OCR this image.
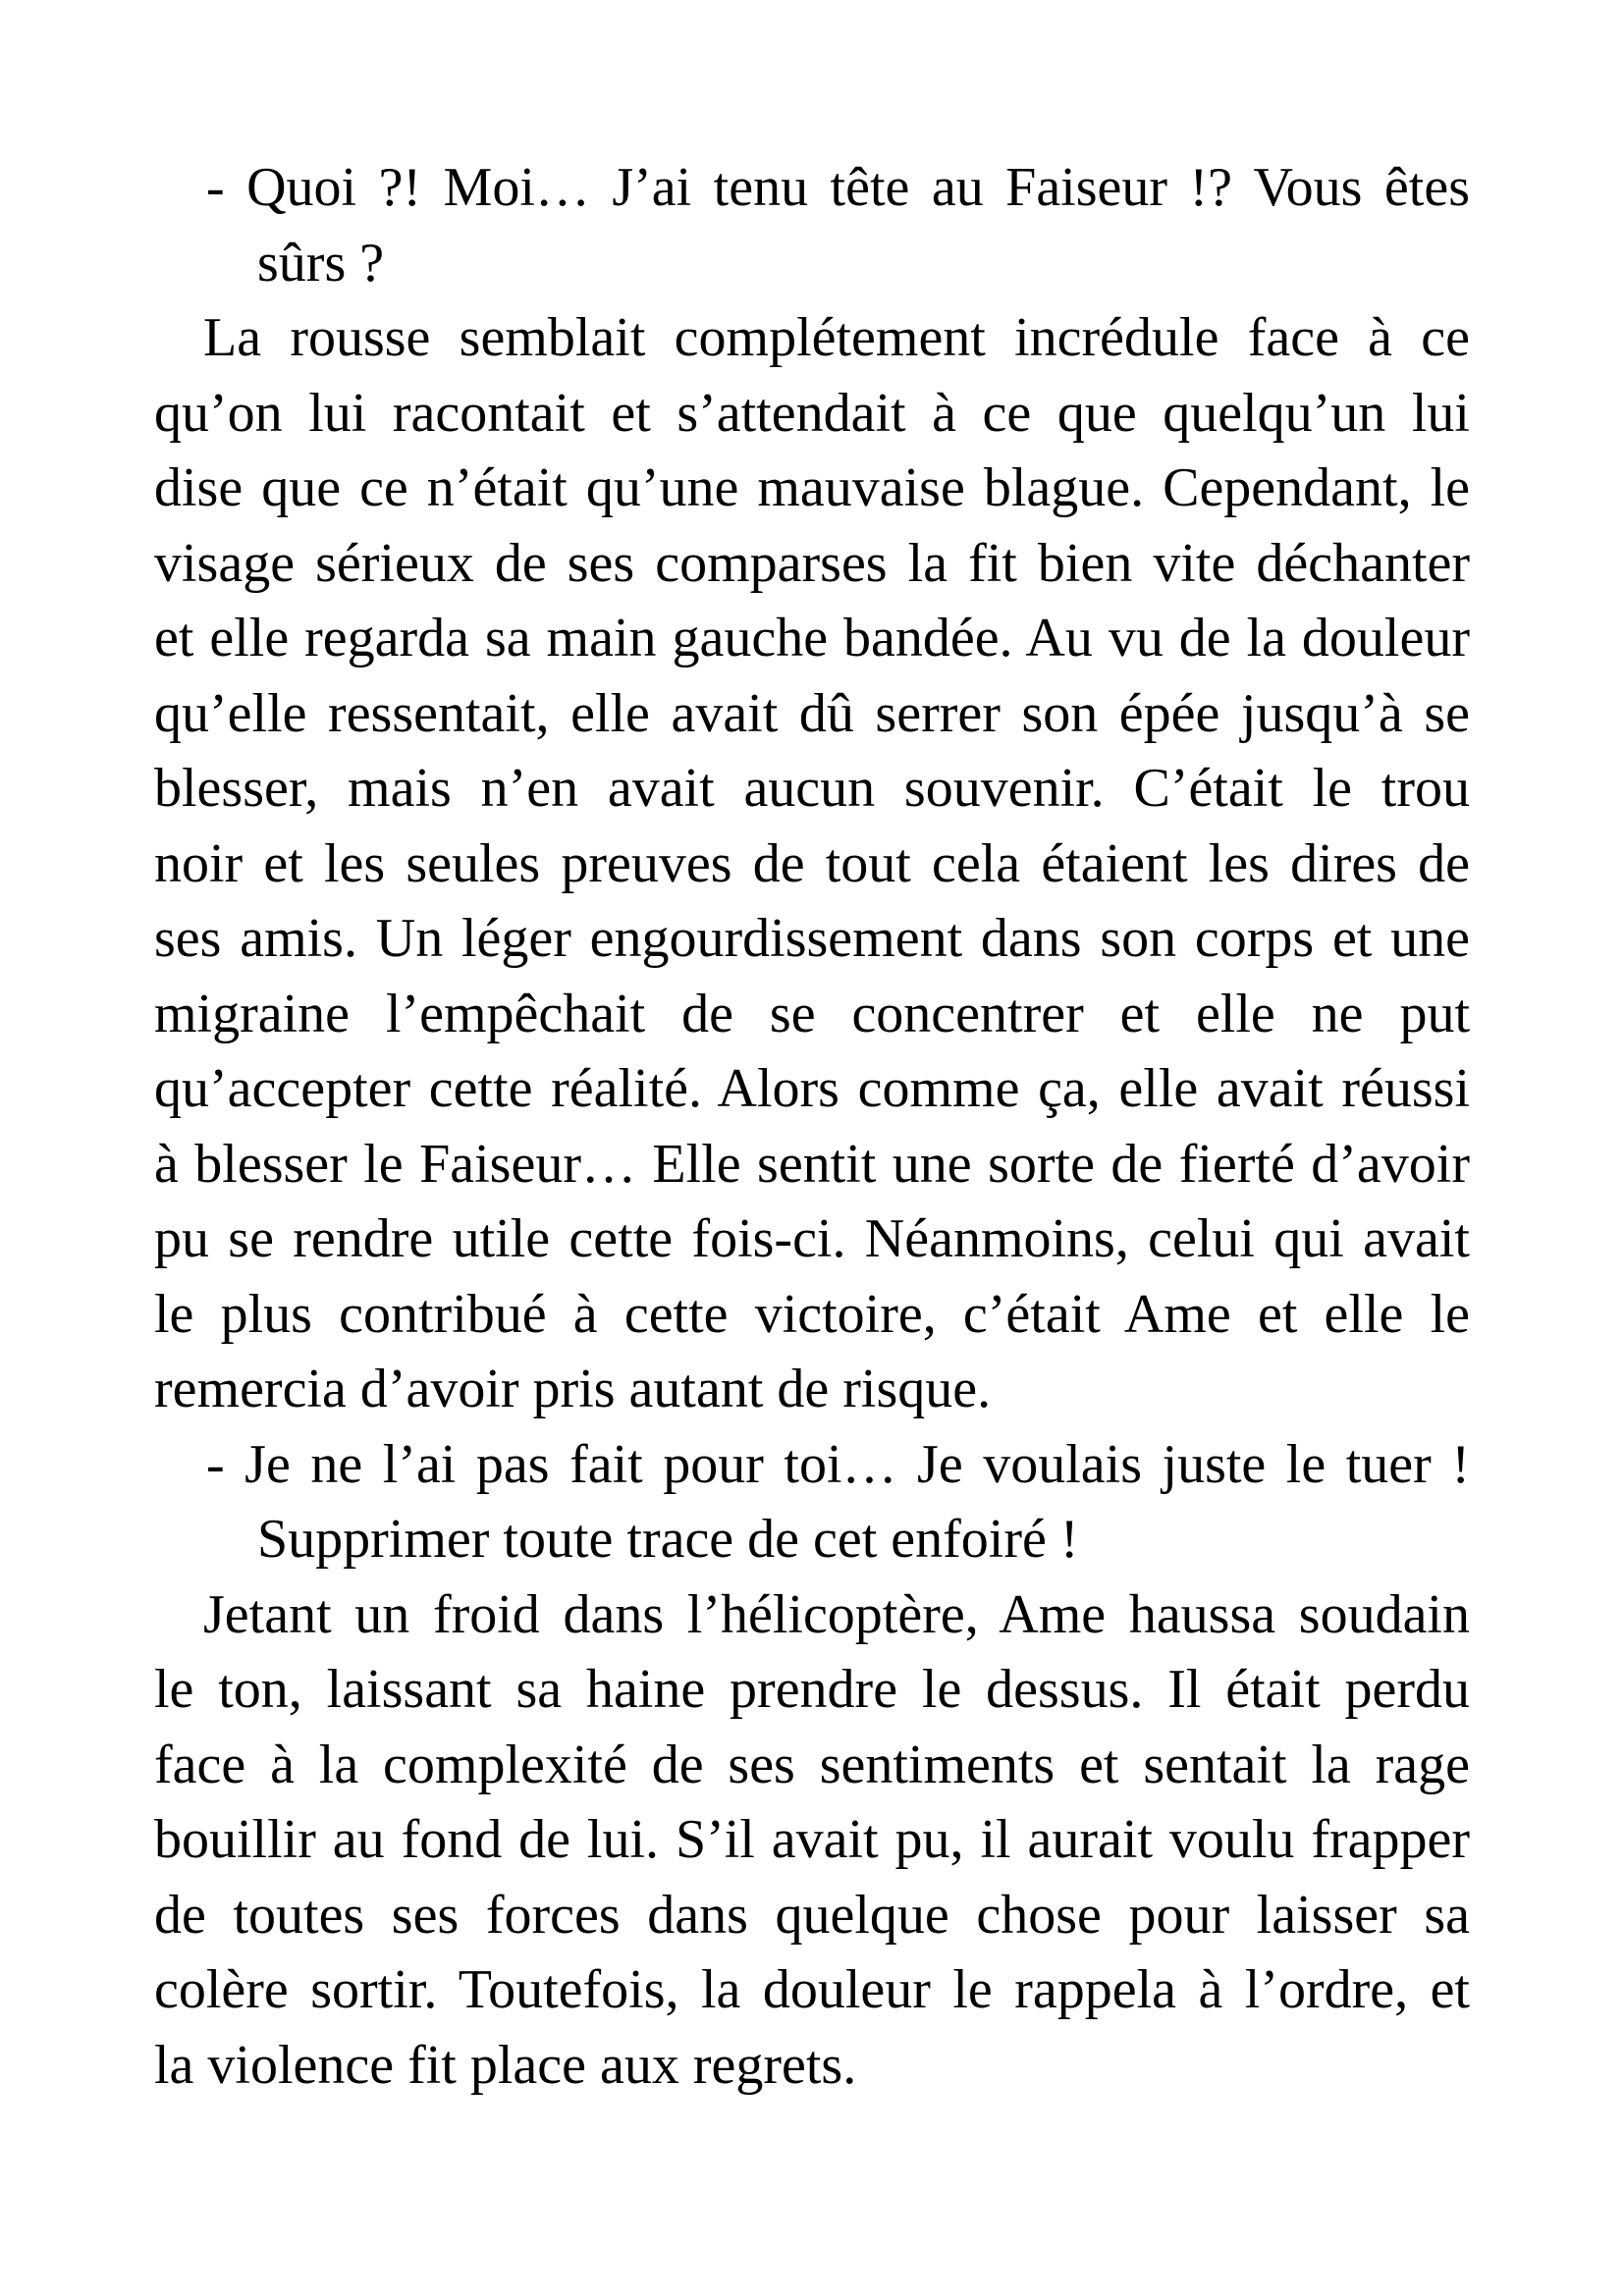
- Quoi ?! Moi… J’ai tenu tête au Faiseur !? Vous êtes
sûrs ?

La rousse semblait complétement incrédule face à ce
qu’on lui racontait et s’attendait à ce que quelqu’un lui
dise que ce n’était qu’une mauvaise blague. Cependant, le
visage sérieux de ses comparses la fit bien vite déchanter
et elle regarda sa main gauche bandée. Au vu de la douleur
qu’elle ressentait, elle avait dû serrer son épée jusqu’à se
blesser, mais n’en avait aucun souvenir. C’était le trou
noir et les seules preuves de tout cela étaient les dires de
ses amis. Un léger engourdissement dans son corps et une
migraine l’empêchait de se concentrer et elle ne put
qu’accepter cette réalité. Alors comme ça, elle avait réussi
à blesser le Faiseur… Elle sentit une sorte de fierté d’avoir
pu se rendre utile cette fois-ci. Néanmoins, celui qui avait
le plus contribué à cette victoire, c’était Ame et elle le
remercia d’avoir pris autant de risque.

- Je ne l’ai pas fait pour toi… Je voulais juste le tuer !
Supprimer toute trace de cet enfoiré !

Jetant un froid dans l’hélicoptère, Ame haussa soudain
le ton, laissant sa haine prendre le dessus. Il était perdu
face à la complexité de ses sentiments et sentait la rage
bouillir au fond de lui. S’il avait pu, il aurait voulu frapper
de toutes ses forces dans quelque chose pour laisser sa
colère sortir. Toutefois, la douleur le rappela à l’ordre, et
la violence fit place aux regrets.
